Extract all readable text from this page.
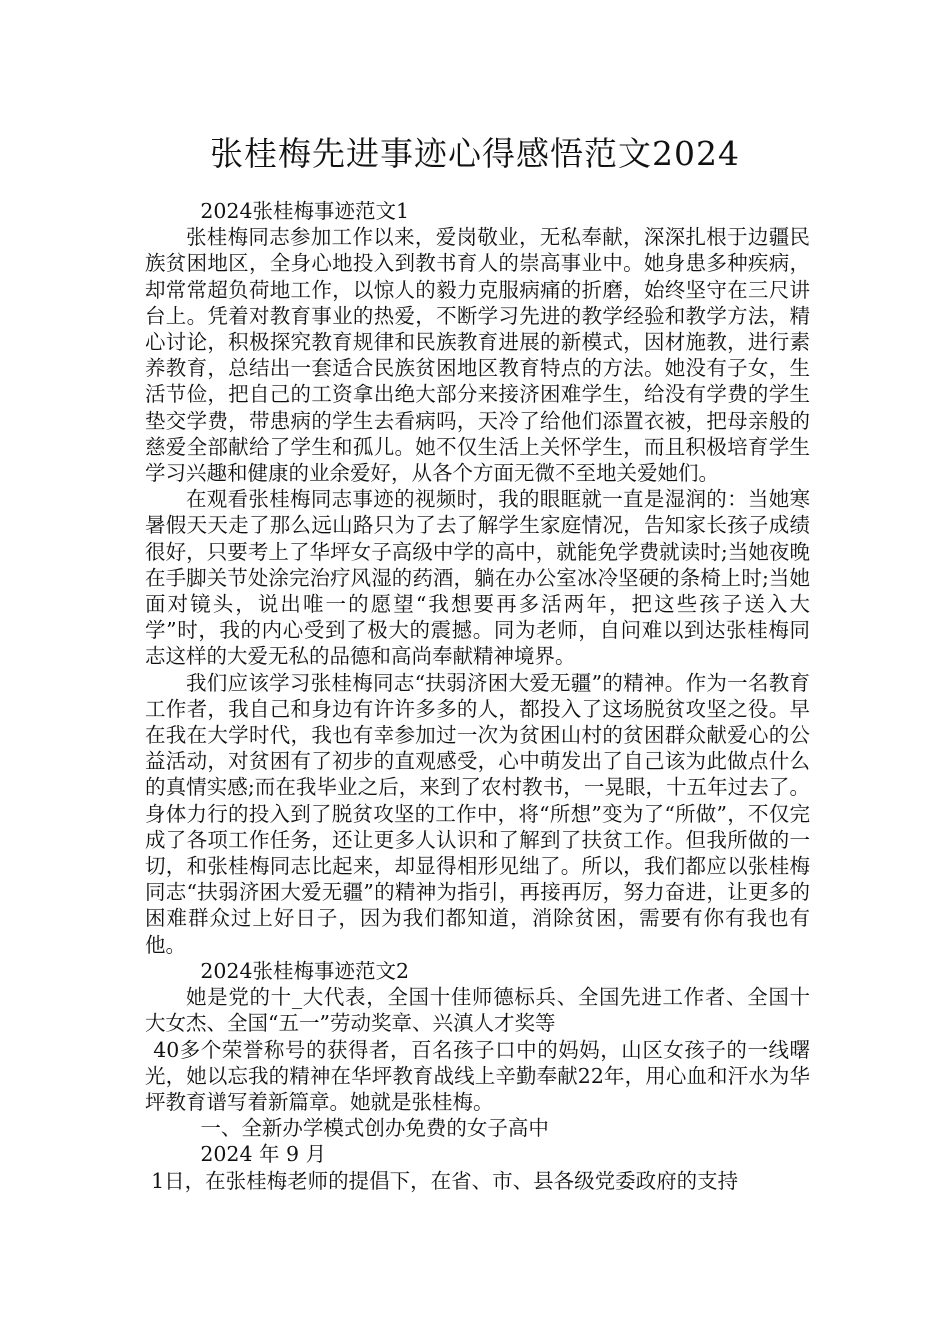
张桂梅先进事迹心得感悟范文2024

2024张桂梅事迹范文1

张桂梅同志参加工作以来，爱岗敬业，无私奉献，深深扎根于边疆民族贫困地区，全身心地投入到教书育人的崇高事业中。她身患多种疾病，却常常超负荷地工作，以惊人的毅力克服病痛的折磨，始终坚守在三尺讲台上。凭着对教育事业的热爱，不断学习先进的教学经验和教学方法，精心讨论，积极探究教育规律和民族教育进展的新模式，因材施教，进行素养教育，总结出一套适合民族贫困地区教育特点的方法。她没有子女，生活节俭，把自己的工资拿出绝大部分来接济困难学生，给没有学费的学生垫交学费，带患病的学生去看病吗，天冷了给他们添置衣被，把母亲般的慈爱全部献给了学生和孤儿。她不仅生活上关怀学生，而且积极培育学生学习兴趣和健康的业余爱好，从各个方面无微不至地关爱她们。

在观看张桂梅同志事迹的视频时，我的眼眶就一直是湿润的：当她寒暑假天天走了那么远山路只为了去了解学生家庭情况，告知家长孩子成绩很好，只要考上了华坪女子高级中学的高中，就能免学费就读时;当她夜晚在手脚关节处涂完治疗风湿的药酒，躺在办公室冰冷坚硬的条椅上时;当她面对镜头，说出唯一的愿望“我想要再多活两年，把这些孩子送入大学”时，我的内心受到了极大的震撼。同为老师，自问难以到达张桂梅同志这样的大爱无私的品德和高尚奉献精神境界。

我们应该学习张桂梅同志“扶弱济困大爱无疆”的精神。作为一名教育工作者，我自己和身边有许许多多的人，都投入了这场脱贫攻坚之役。早在我在大学时代，我也有幸参加过一次为贫困山村的贫困群众献爱心的公益活动，对贫困有了初步的直观感受，心中萌发出了自己该为此做点什么的真情实感;而在我毕业之后，来到了农村教书，一晃眼，十五年过去了。身体力行的投入到了脱贫攻坚的工作中，将“所想”变为了“所做”，不仅完成了各项工作任务，还让更多人认识和了解到了扶贫工作。但我所做的一切，和张桂梅同志比起来，却显得相形见绌了。所以，我们都应以张桂梅同志“扶弱济困大爱无疆”的精神为指引，再接再厉，努力奋进，让更多的困难群众过上好日子，因为我们都知道，消除贫困，需要有你有我也有他。

2024张桂梅事迹范文2

她是党的十_大代表，全国十佳师德标兵、全国先进工作者、全国十大女杰、全国“五一”劳动奖章、兴滇人才奖等

40多个荣誉称号的获得者，百名孩子口中的妈妈，山区女孩子的一线曙光，她以忘我的精神在华坪教育战线上辛勤奉献22年，用心血和汗水为华坪教育谱写着新篇章。她就是张桂梅。

一、全新办学模式创办免费的女子高中

2024 年 9 月

1日，在张桂梅老师的提倡下，在省、市、县各级党委政府的支持
